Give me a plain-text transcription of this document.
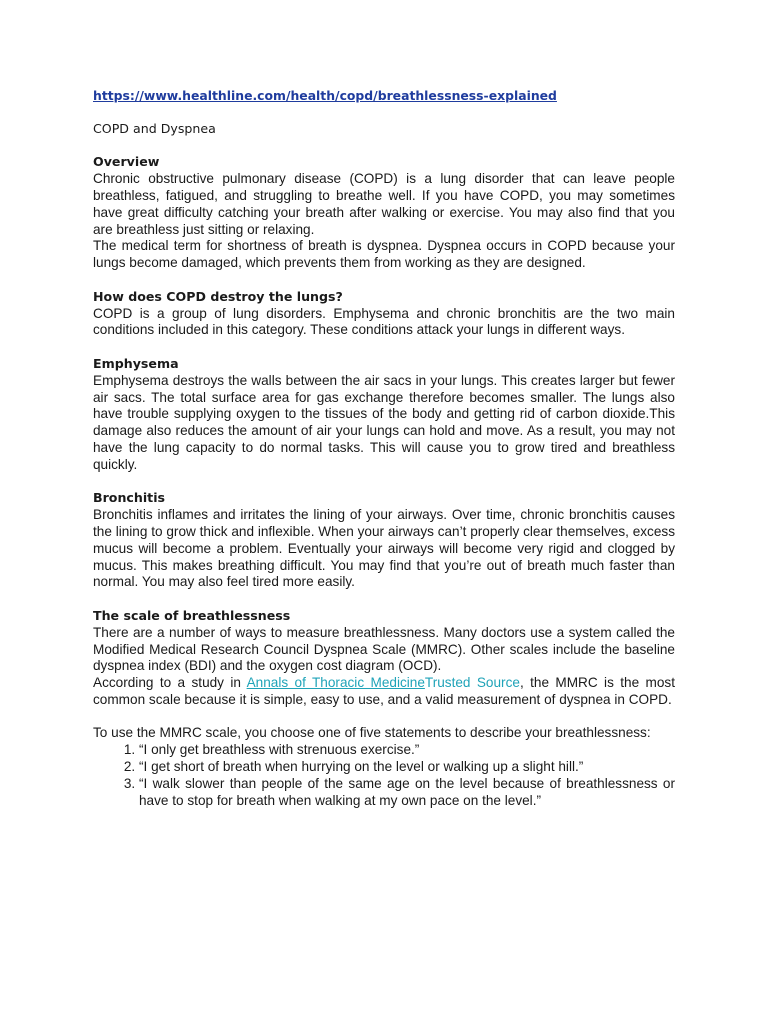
https://www.healthline.com/health/copd/breathlessness-explained

COPD and Dyspnea
Overview

Chronic obstructive pulmonary disease (COPD) is a lung disorder that can leave people breathless, fatigued, and struggling to breathe well. If you have COPD, you may sometimes have great difficulty catching your breath after walking or exercise. You may also find that you are breathless just sitting or relaxing.

The medical term for shortness of breath is dyspnea. Dyspnea occurs in COPD because your lungs become damaged, which prevents them from working as they are designed.

How does COPD destroy the lungs?

COPD is a group of lung disorders. Emphysema and chronic bronchitis are the two main conditions included in this category. These conditions attack your lungs in different ways.

Emphysema

Emphysema destroys the walls between the air sacs in your lungs. This creates larger but fewer air sacs. The total surface area for gas exchange therefore becomes smaller. The lungs also have trouble supplying oxygen to the tissues of the body and getting rid of carbon dioxide.This damage also reduces the amount of air your lungs can hold and move. As a result, you may not have the lung capacity to do normal tasks. This will cause you to grow tired and breathless quickly.

Bronchitis

Bronchitis inflames and irritates the lining of your airways. Over time, chronic bronchitis causes the lining to grow thick and inflexible. When your airways can’t properly clear themselves, excess mucus will become a problem. Eventually your airways will become very rigid and clogged by mucus. This makes breathing difficult. You may find that you’re out of breath much faster than normal. You may also feel tired more easily.

The scale of breathlessness

There are a number of ways to measure breathlessness. Many doctors use a system called the Modified Medical Research Council Dyspnea Scale (MMRC). Other scales include the baseline dyspnea index (BDI) and the oxygen cost diagram (OCD).

According to a study in Annals of Thoracic MedicineTrusted Source, the MMRC is the most common scale because it is simple, easy to use, and a valid measurement of dyspnea in COPD.

To use the MMRC scale, you choose one of five statements to describe your breathlessness:

1. “I only get breathless with strenuous exercise.”
2. “I get short of breath when hurrying on the level or walking up a slight hill.”
3. “I walk slower than people of the same age on the level because of breathlessness or have to stop for breath when walking at my own pace on the level.”
